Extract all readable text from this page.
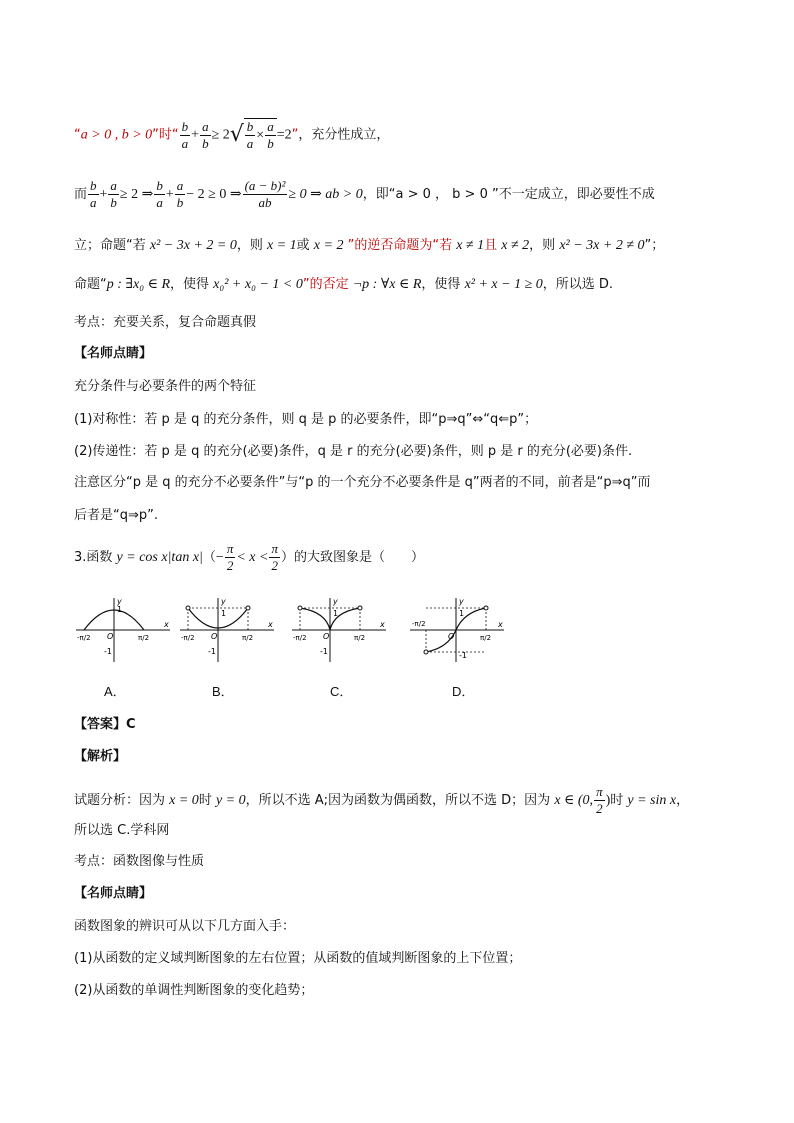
“a > 0 , b > 0”时“ $\frac{b}{a} + \frac{a}{b} \ge 2√ \frac{b}{a} \times \frac{a}{b} =2$”，充分性成立，
而 $\frac{b}{a} + \frac{a}{b} \ge 2$ ⇒ $\frac{b}{a} + \frac{a}{b} - 2 \ge 0$ ⇒ $\frac{\text{(a − b)²}}{ab} \ge 0$ ⇒ ab > 0，即“a > 0 ， b > 0 ”不一定成立，即必要性不成
立；命题“若 x² − 3x + 2 = 0，则 x = 1或 x = 2 ”的逆否命题为“若 x ≠ 1且 x ≠ 2，则 x² − 3x + 2 ≠ 0”；
命题“p : ∃x₀ ∈ R，使得 x₀² + x₀ − 1 < 0”的否定 ¬p : ∀x ∈ R，使得 x² + x − 1 ≥ 0，所以选 D.
考点：充要关系，复合命题真假
【名师点睛】
充分条件与必要条件的两个特征
(1)对称性：若 p 是 q 的充分条件，则 q 是 p 的必要条件，即“p⇒q”⇔“q⇐p”；
(2)传递性：若 p 是 q 的充分(必要)条件，q 是 r 的充分(必要)条件，则 p 是 r 的充分(必要)条件.
注意区分“p 是 q 的充分不必要条件”与“p 的一个充分不必要条件是 q”两者的不同，前者是“p⇒q”而
后者是“q⇒p”.
3.函数 y = cos x|tan $x|(- \frac{\pi}{2} < x < \frac{\pi}{2}$ ）的大致图象是（　　）
y
x
O
1
-1
-π/2	π/2
y
x
O
1
-1
-π/2	π/2
y
x
O
1
-1
-π/2	π/2
y
x
O
1
-1
-π/2
π/2
A．	B．	C．	D．
【答案】C
【解析】
试题分析：因为 x = 0时 y = 0，所以不选 A;因为函数为偶函数，所以不选 D；因为 x ∈ (0, $\frac{\pi}{2}$ )时 y = sin x，
所以选 C.学科网
考点：函数图像与性质
【名师点睛】
函数图象的辨识可从以下几方面入手：
(1)从函数的定义域判断图象的左右位置；从函数的值域判断图象的上下位置；
(2)从函数的单调性判断图象的变化趋势；
